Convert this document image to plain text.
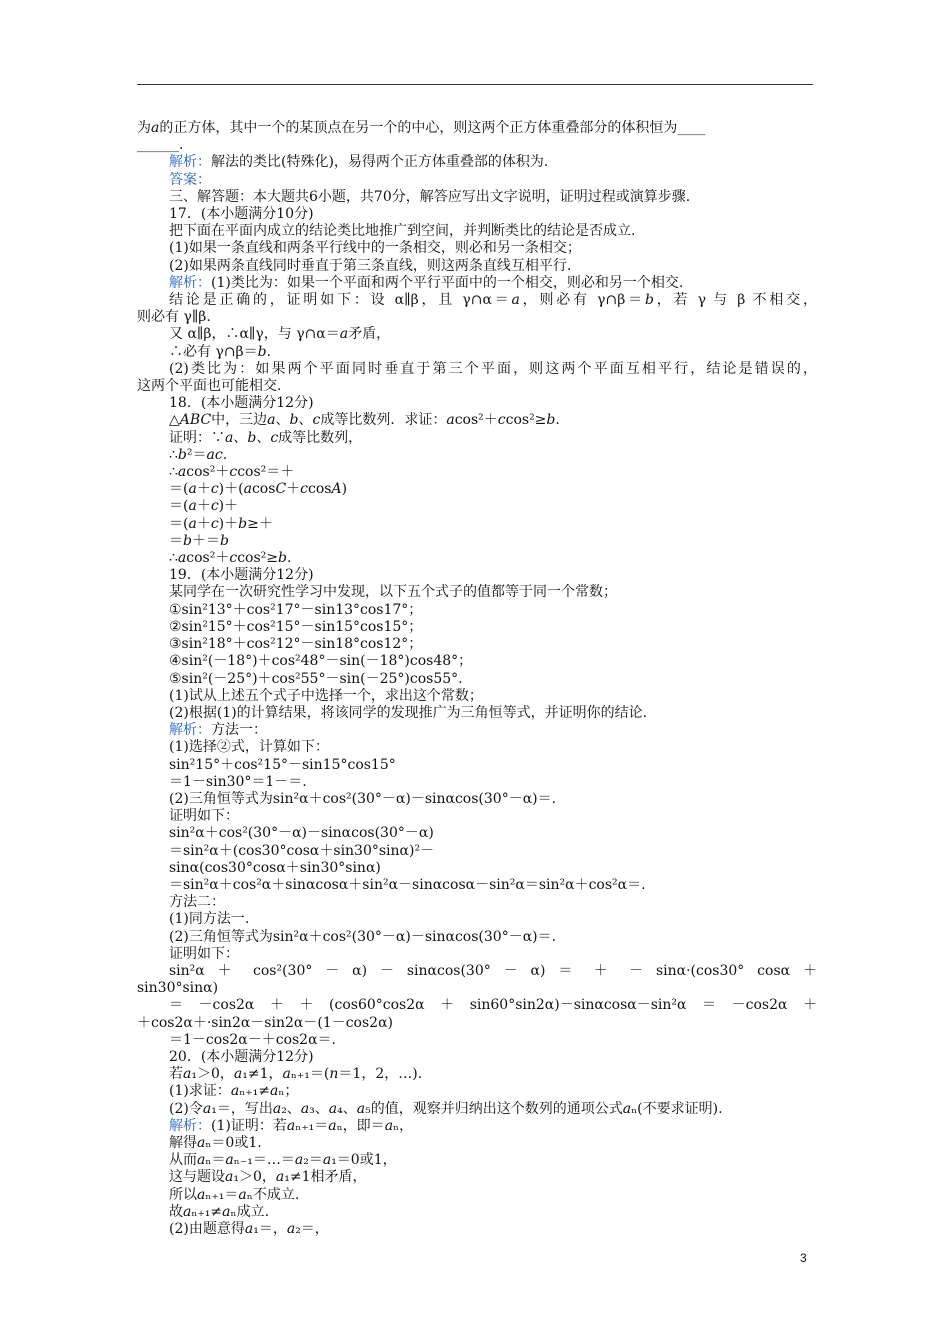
为a的正方体，其中一个的某顶点在另一个的中心，则这两个正方体重叠部分的体积恒为____
______.
解析：解法的类比(特殊化)，易得两个正方体重叠部的体积为.
答案：
三、解答题：本大题共6小题，共70分，解答应写出文字说明，证明过程或演算步骤.
17．(本小题满分10分)
把下面在平面内成立的结论类比地推广到空间，并判断类比的结论是否成立.
(1)如果一条直线和两条平行线中的一条相交，则必和另一条相交；
(2)如果两条直线同时垂直于第三条直线，则这两条直线互相平行.
解析：(1)类比为：如果一个平面和两个平行平面中的一个相交，则必和另一个相交.
结论是正确的，证明如下：设 α∥β，且 γ∩α＝a，则必有 γ∩β＝b，若 γ 与 β 不相交，
则必有 γ∥β.
又 α∥β，∴α∥γ，与 γ∩α＝a矛盾，
∴必有 γ∩β＝b.
(2)类比为：如果两个平面同时垂直于第三个平面，则这两个平面互相平行，结论是错误的，
这两个平面也可能相交.
18．(本小题满分12分)
△ABC中，三边a、b、c成等比数列．求证：acos²＋ccos²≥b.
证明：∵a、b、c成等比数列，
∴b²＝ac.
∴acos²＋ccos²＝＋
＝(a＋c)＋(acosC＋ccosA)
＝(a＋c)＋
＝(a＋c)＋b≥＋
＝b＋＝b
∴acos²＋ccos²≥b.
19．(本小题满分12分)
某同学在一次研究性学习中发现，以下五个式子的值都等于同一个常数；
①sin²13°＋cos²17°－sin13°cos17°；
②sin²15°＋cos²15°－sin15°cos15°；
③sin²18°＋cos²12°－sin18°cos12°；
④sin²(－18°)＋cos²48°－sin(－18°)cos48°；
⑤sin²(－25°)＋cos²55°－sin(－25°)cos55°.
(1)试从上述五个式子中选择一个，求出这个常数；
(2)根据(1)的计算结果，将该同学的发现推广为三角恒等式，并证明你的结论.
解析：方法一：
(1)选择②式，计算如下：
sin²15°＋cos²15°－sin15°cos15°
＝1－sin30°＝1－＝.
(2)三角恒等式为sin²α＋cos²(30°－α)－sinαcos(30°－α)＝.
证明如下：
sin²α＋cos²(30°－α)－sinαcos(30°－α)
＝sin²α＋(cos30°cosα＋sin30°sinα)²－
sinα(cos30°cosα＋sin30°sinα)
＝sin²α＋cos²α＋sinαcosα＋sin²α－sinαcosα－sin²α＝sin²α＋cos²α＝.
方法二：
(1)同方法一.
(2)三角恒等式为sin²α＋cos²(30°－α)－sinαcos(30°－α)＝.
证明如下：
sin²α ＋ cos²(30° － α) － sinαcos(30° － α) ＝ ＋ － sinα·(cos30° cosα ＋
sin30°sinα)
＝－cos2α＋＋(cos60°cos2α＋sin60°sin2α)－sinαcosα－sin²α＝－cos2α＋
＋cos2α＋·sin2α－sin2α－(1－cos2α)
＝1－cos2α－＋cos2α＝.
20．(本小题满分12分)
若a₁＞0，a₁≠1，aₙ₊₁＝(n＝1，2，…).
(1)求证：aₙ₊₁≠aₙ；
(2)令a₁＝，写出a₂、a₃、a₄、a₅的值，观察并归纳出这个数列的通项公式aₙ(不要求证明).
解析：(1)证明：若aₙ₊₁＝aₙ，即＝aₙ，
解得aₙ＝0或1.
从而aₙ＝aₙ₋₁＝…＝a₂＝a₁＝0或1，
这与题设a₁＞0，a₁≠1相矛盾，
所以aₙ₊₁＝aₙ不成立.
故aₙ₊₁≠aₙ成立.
(2)由题意得a₁＝，a₂＝，
3
